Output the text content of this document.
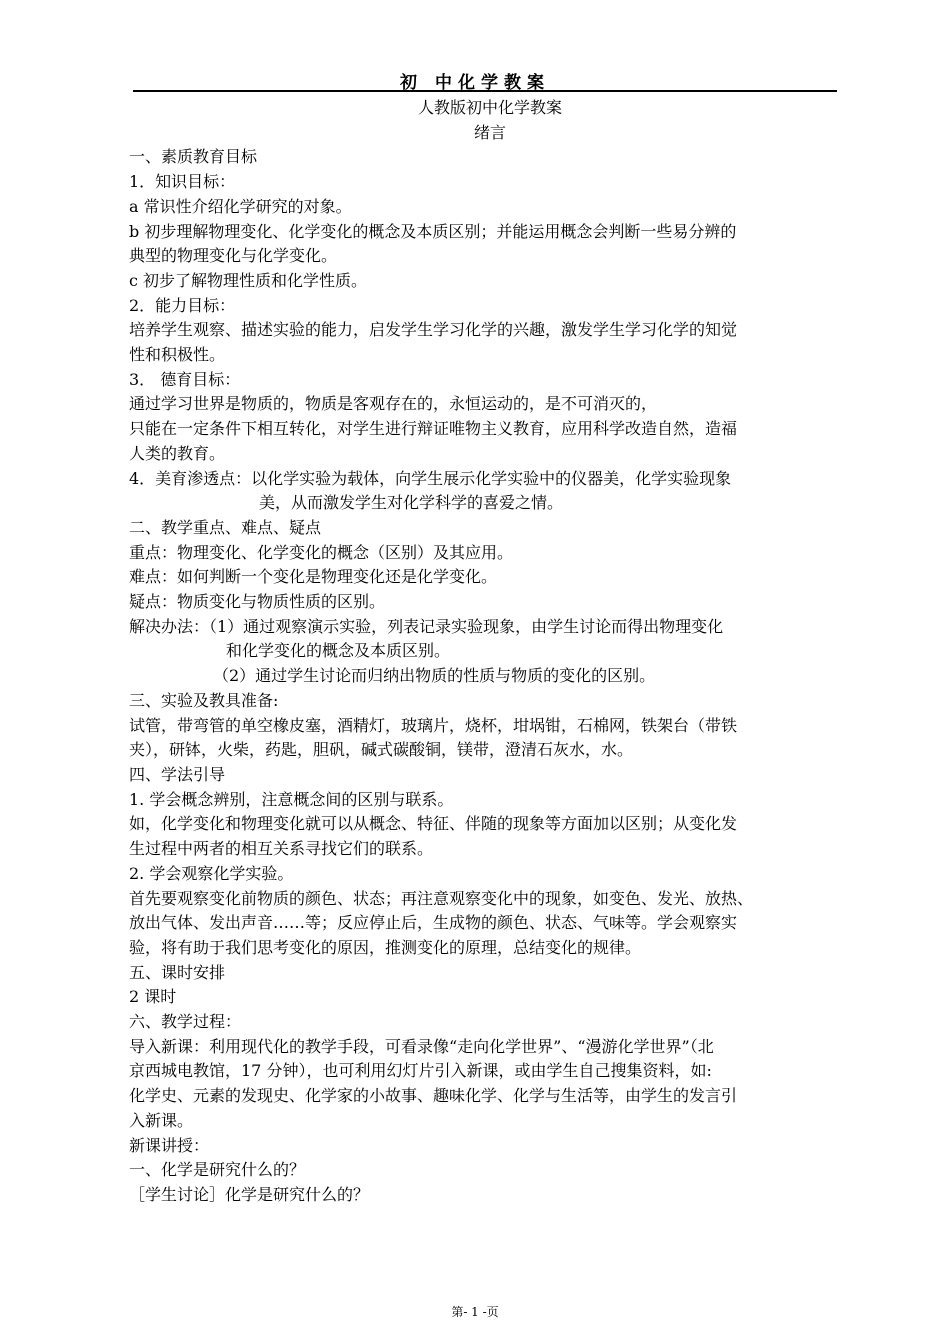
初 中化学教案
人教版初中化学教案
绪言
一、素质教育目标
1．知识目标：
a 常识性介绍化学研究的对象。
b 初步理解物理变化、化学变化的概念及本质区别；并能运用概念会判断一些易分辨的
典型的物理变化与化学变化。
c 初步了解物理性质和化学性质。
2．能力目标：
培养学生观察、描述实验的能力，启发学生学习化学的兴趣，激发学生学习化学的知觉
性和积极性。
3． 德育目标：
通过学习世界是物质的，物质是客观存在的，永恒运动的，是不可消灭的，
只能在一定条件下相互转化，对学生进行辩证唯物主义教育，应用科学改造自然，造福
人类的教育。
4．美育渗透点：以化学实验为载体，向学生展示化学实验中的仪器美，化学实验现象
美，从而激发学生对化学科学的喜爱之情。
二、教学重点、难点、疑点
重点：物理变化、化学变化的概念（区别）及其应用。
难点：如何判断一个变化是物理变化还是化学变化。
疑点：物质变化与物质性质的区别。
解决办法：（1）通过观察演示实验，列表记录实验现象，由学生讨论而得出物理变化
和化学变化的概念及本质区别。
（2）通过学生讨论而归纳出物质的性质与物质的变化的区别。
三、实验及教具准备:
试管，带弯管的单空橡皮塞，酒精灯，玻璃片，烧杯，坩埚钳，石棉网，铁架台（带铁
夹），研钵，火柴，药匙，胆矾，碱式碳酸铜，镁带，澄清石灰水，水。
四、学法引导
1. 学会概念辨别，注意概念间的区别与联系。
如，化学变化和物理变化就可以从概念、特征、伴随的现象等方面加以区别；从变化发
生过程中两者的相互关系寻找它们的联系。
2. 学会观察化学实验。
首先要观察变化前物质的颜色、状态；再注意观察变化中的现象，如变色、发光、放热、
放出气体、发出声音……等；反应停止后，生成物的颜色、状态、气味等。学会观察实
验，将有助于我们思考变化的原因，推测变化的原理，总结变化的规律。
五、课时安排
2 课时
六、教学过程：
导入新课：利用现代化的教学手段，可看录像“走向化学世界”、“漫游化学世界”（北
京西城电教馆，17 分钟），也可利用幻灯片引入新课，或由学生自己搜集资料，如:
化学史、元素的发现史、化学家的小故事、趣味化学、化学与生活等，由学生的发言引
入新课。
新课讲授：
一、化学是研究什么的？
［学生讨论］化学是研究什么的？
第- 1 -页
